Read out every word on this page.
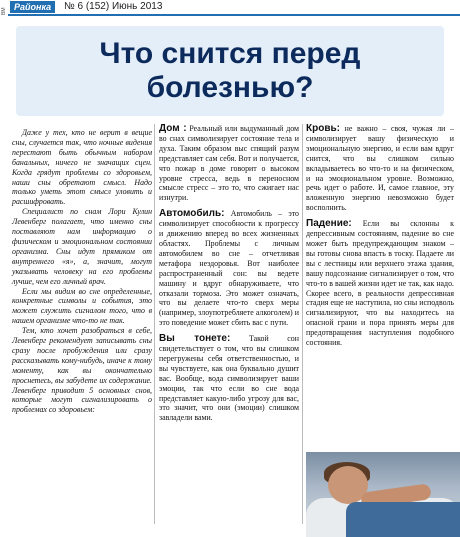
ВМ Районка	№ 6 (152) Июнь 2013
Что снится перед
болезнью?

Даже у тех, кто не верит в вещие сны, случается так, что ночные видения перестают быть обычным набором банальных, ничего не значащих сцен. Когда грядут проблемы со здоровьем, наши сны обретают смысл. Надо только уметь этот смысл уловить и расшифровать.

Специалист по снам Лори Кулин Левенберг полагает, что именно сны поставляют нам информацию о физическом и эмоциональном состоянии организма. Сны идут прямиком от внутреннего «я», а, значит, могут указывать человеку на его проблемы лучше, чем его личный врач.

Если мы видим во сне определенные, конкретные символы и события, это может служить сигналом того, что в нашем организме что-то не так.

Тем, кто хочет разобраться в себе, Левенберг рекомендует записывать сны сразу после пробуждения или сразу рассказывать кому-нибудь, иначе к тому моменту, как вы окончательно проснетесь, вы забудете их содержание. Левенберг приводит 5 основных снов, которые могут сигнализировать о проблемах со здоровьем:

Дом : Реальный или выдуманный дом во снах символизирует состояние тела и духа. Таким образом выс спящий разум представляет сам себя. Вот и получается, что пожар в доме говорит о высоком уровне стресса, ведь в переносном смысле стресс – это то, что сжигает нас изнутри.

Автомобиль: Автомобиль – это символизирует способности к прогрессу и движению вперед во всех жизненных областях. Проблемы с личным автомобилем во сне – отчетливая метафора неэдоровья. Вот наиболее распространенный сон: вы ведете машину и вдруг обнаруживаете, что отказали тормоза. Это может означать, что вы делаете что-то сверх меры (например, злоупотребляете алкоголем) и это поведение может сбить вас с пути.

Вы тонете: Такой сон свидетельствует о том, что вы слишком перегружены себя ответственностью, и вы чувствуете, как она буквально душит вас. Вообще, вода символизирует ваши эмоции, так что если во сне вода представляет какую-либо угрозу для вас, это значит, что они (эмоции) слишком завладели вами.

Кровь: не важно – своя, чужая ли – символизирует вашу физическую и эмоциональную энергию, и если вам вдруг снится, что вы слишком сильно вкладываетесь во что-то и на физическом, и на эмоциональном уровне. Возможно, речь идет о работе. И, самое главное, эту вложенную энергию невозможно будет восполнить.

Падение: Если вы склонны к депрессивным состояниям, падение во сне может быть предупреждающим знаком – вы готовы снова впасть в тоску. Падаете ли вы с лестницы или верхнего этажа здания, вашу подсознание сигнализирует о том, что что-то в вашей жизни идет не так, как надо. Скорее всего, в реальности депрессивная стадия еще не наступила, но сны исподволь сигнализируют, что вы находитесь на опасной грани и пора принять меры для предотвращения наступления подобного состояния.
